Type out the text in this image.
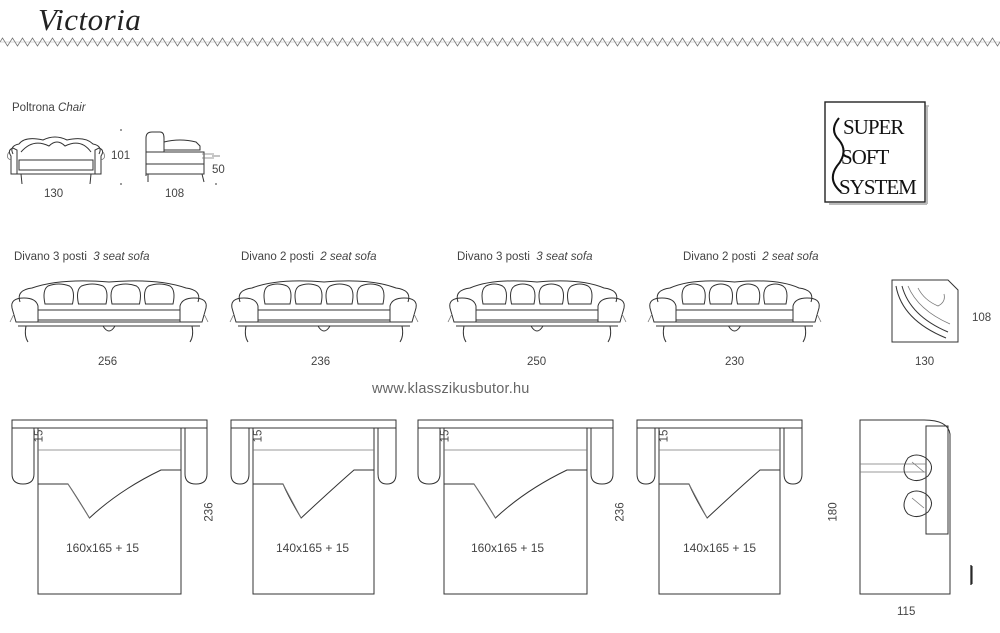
Victoria
Poltrona Chair
130
101
108
50
SUPER
SOFT
SYSTEM
Divano 3 posti 3 seat sofa	Divano 2 posti 2 seat sofa	Divano 3 posti 3 seat sofa	Divano 2 posti 2 seat sofa
256	236	250	230	130
108
www.klasszikusbutor.hu
15	15	15	15
160x165 + 15	140x165 + 15	160x165 + 15	140x165 + 15
236	236	180
115
